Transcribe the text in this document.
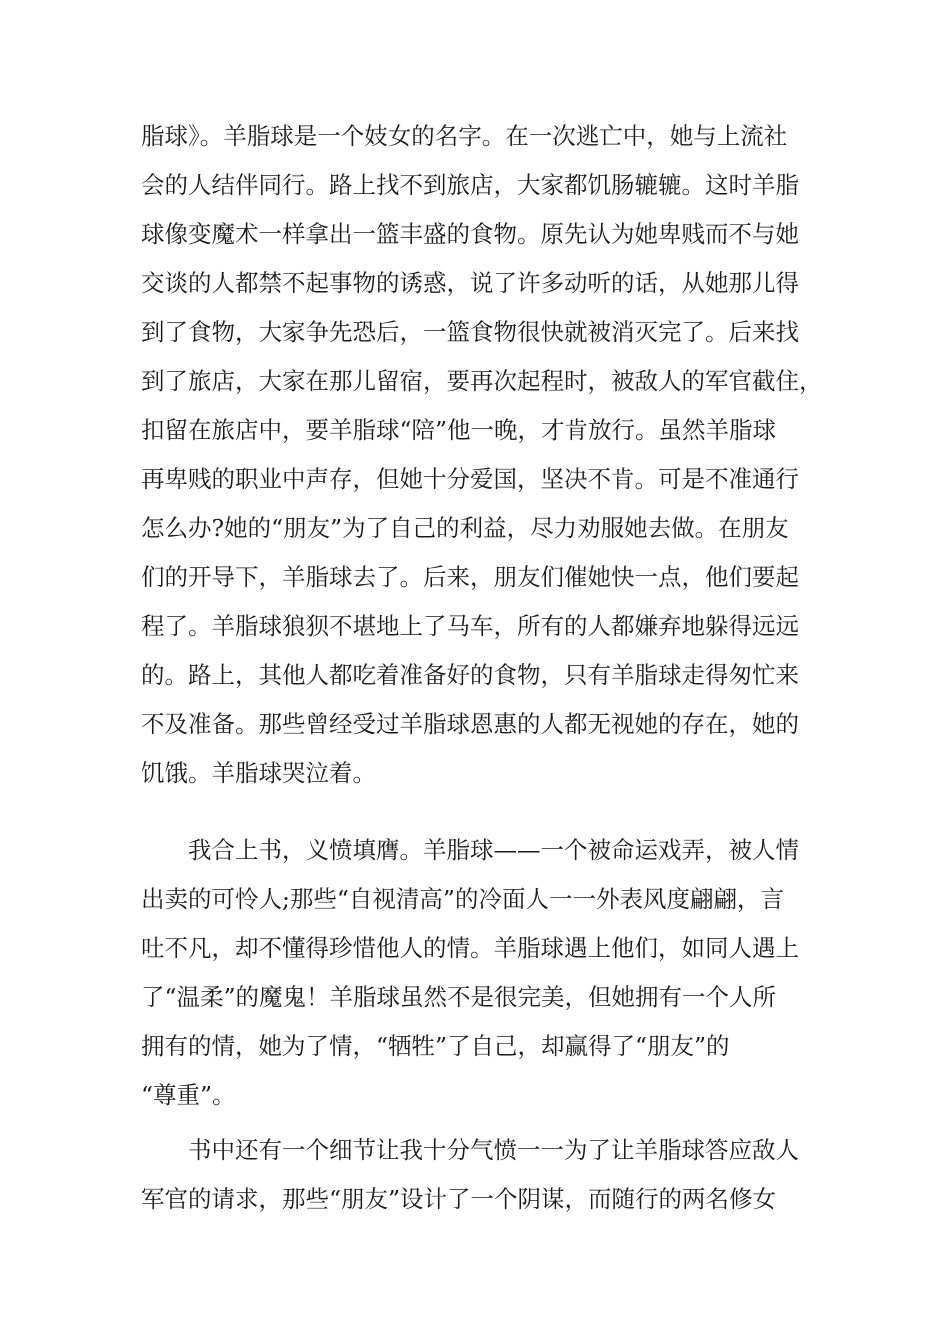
脂球》。羊脂球是一个妓女的名字。在一次逃亡中，她与上流社
会的人结伴同行。路上找不到旅店，大家都饥肠辘辘。这时羊脂
球像变魔术一样拿出一篮丰盛的食物。原先认为她卑贱而不与她
交谈的人都禁不起事物的诱惑，说了许多动听的话，从她那儿得
到了食物，大家争先恐后，一篮食物很快就被消灭完了。后来找
到了旅店，大家在那儿留宿，要再次起程时，被敌人的军官截住，
扣留在旅店中，要羊脂球“陪”他一晚，才肯放行。虽然羊脂球
再卑贱的职业中声存，但她十分爱国，坚决不肯。可是不准通行
怎么办?她的“朋友”为了自己的利益，尽力劝服她去做。在朋友
们的开导下，羊脂球去了。后来，朋友们催她快一点，他们要起
程了。羊脂球狼狈不堪地上了马车，所有的人都嫌弃地躲得远远
的。路上，其他人都吃着准备好的食物，只有羊脂球走得匆忙来
不及准备。那些曾经受过羊脂球恩惠的人都无视她的存在，她的
饥饿。羊脂球哭泣着。
我合上书，义愤填膺。羊脂球——一个被命运戏弄，被人情
出卖的可怜人;那些“自视清高”的冷面人一一外表风度翩翩，言
吐不凡，却不懂得珍惜他人的情。羊脂球遇上他们，如同人遇上
了“温柔”的魔鬼！羊脂球虽然不是很完美，但她拥有一个人所
拥有的情，她为了情，“牺牲”了自己，却赢得了“朋友”的
“尊重”。
书中还有一个细节让我十分气愤一一为了让羊脂球答应敌人
军官的请求，那些“朋友”设计了一个阴谋，而随行的两名修女
